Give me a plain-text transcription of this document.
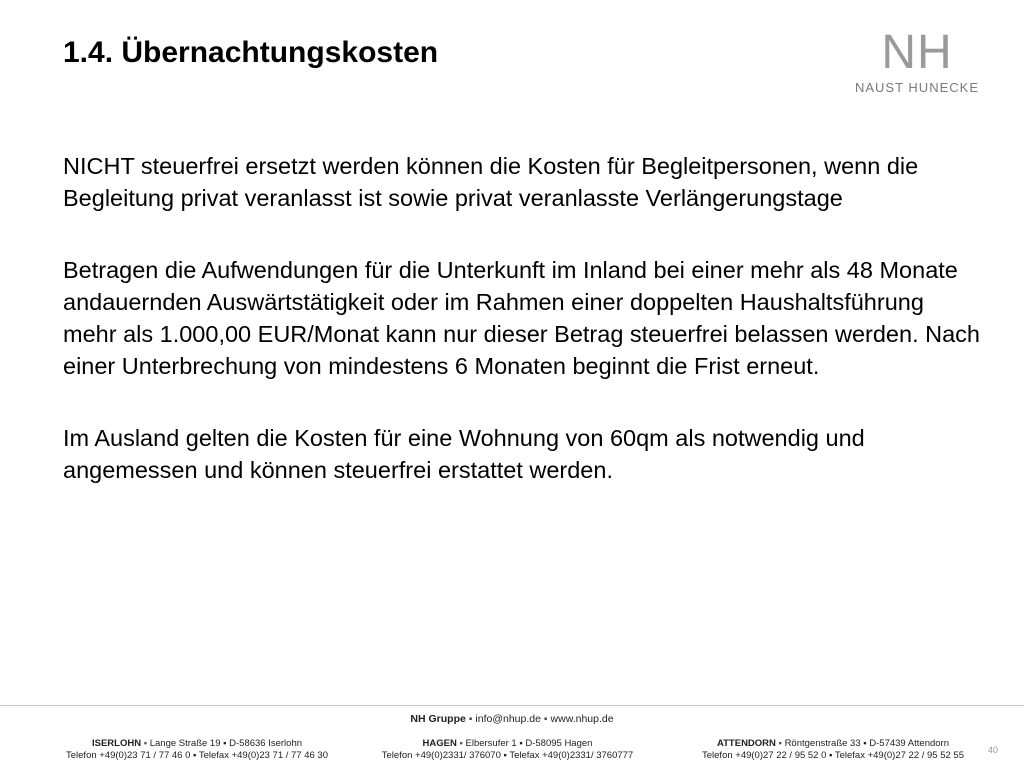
1.4. Übernachtungskosten	NH
NAUST HUNECKE

NICHT steuerfrei ersetzt werden können die Kosten für Begleitpersonen, wenn die Begleitung privat veranlasst ist sowie privat veranlasste Verlängerungstage

Betragen die Aufwendungen für die Unterkunft im Inland bei einer mehr als 48 Monate andauernden Auswärtstätigkeit oder im Rahmen einer doppelten Haushaltsführung mehr als 1.000,00 EUR/Monat kann nur dieser Betrag steuerfrei belassen werden. Nach einer Unterbrechung von mindestens 6 Monaten beginnt die Frist erneut.

Im Ausland gelten die Kosten für eine Wohnung von 60qm als notwendig und angemessen und können steuerfrei erstattet werden.

NH Gruppe ▪ info@nhup.de ▪ www.nhup.de
ISERLOHN ▪ Lange Straße 19 ▪ D-58636 Iserlohn
Telefon +49(0)23 71 / 77 46 0 ▪ Telefax +49(0)23 71 / 77 46 30
HAGEN ▪ Elbersufer 1 ▪ D-58095 Hagen
Telefon +49(0)2331/ 376070 ▪ Telefax +49(0)2331/ 3760777
ATTENDORN ▪ Röntgenstraße 33 ▪ D-57439 Attendorn
Telefon +49(0)27 22 / 95 52 0 ▪ Telefax +49(0)27 22 / 95 52 55	40
